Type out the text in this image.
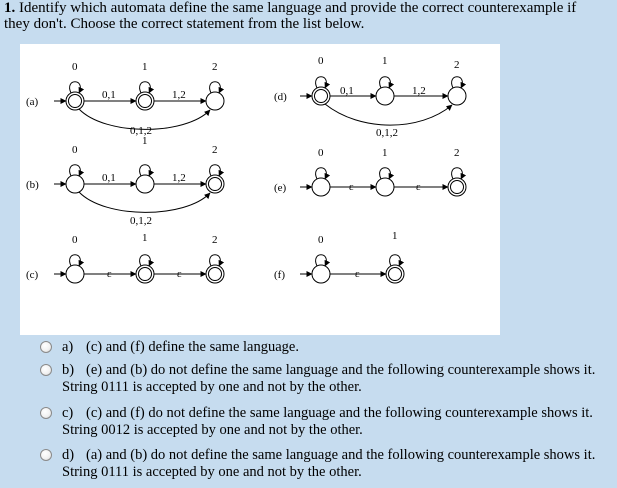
1. Identify which automata define the same language and provide the correct counterexample if they don't. Choose the correct statement from the list below.
(a)
0	1	2
0,1	1,2
0,1,2
(b)
0
1
2
0,1	1,2
0,1,2
(c)
0	1	2
ε	ε
(d)
0	1	2
0,1	1,2
0,1,2
(e)
0	1	2
ε	ε
(f)
0	1
ε
a) (c) and (f) define the same language.
b) (e) and (b) do not define the same language and the following counterexample shows it. String 0111 is accepted by one and not by the other.
c) (c) and (f) do not define the same language and the following counterexample shows it. String 0012 is accepted by one and not by the other.
d) (a) and (b) do not define the same language and the following counterexample shows it. String 0111 is accepted by one and not by the other.
